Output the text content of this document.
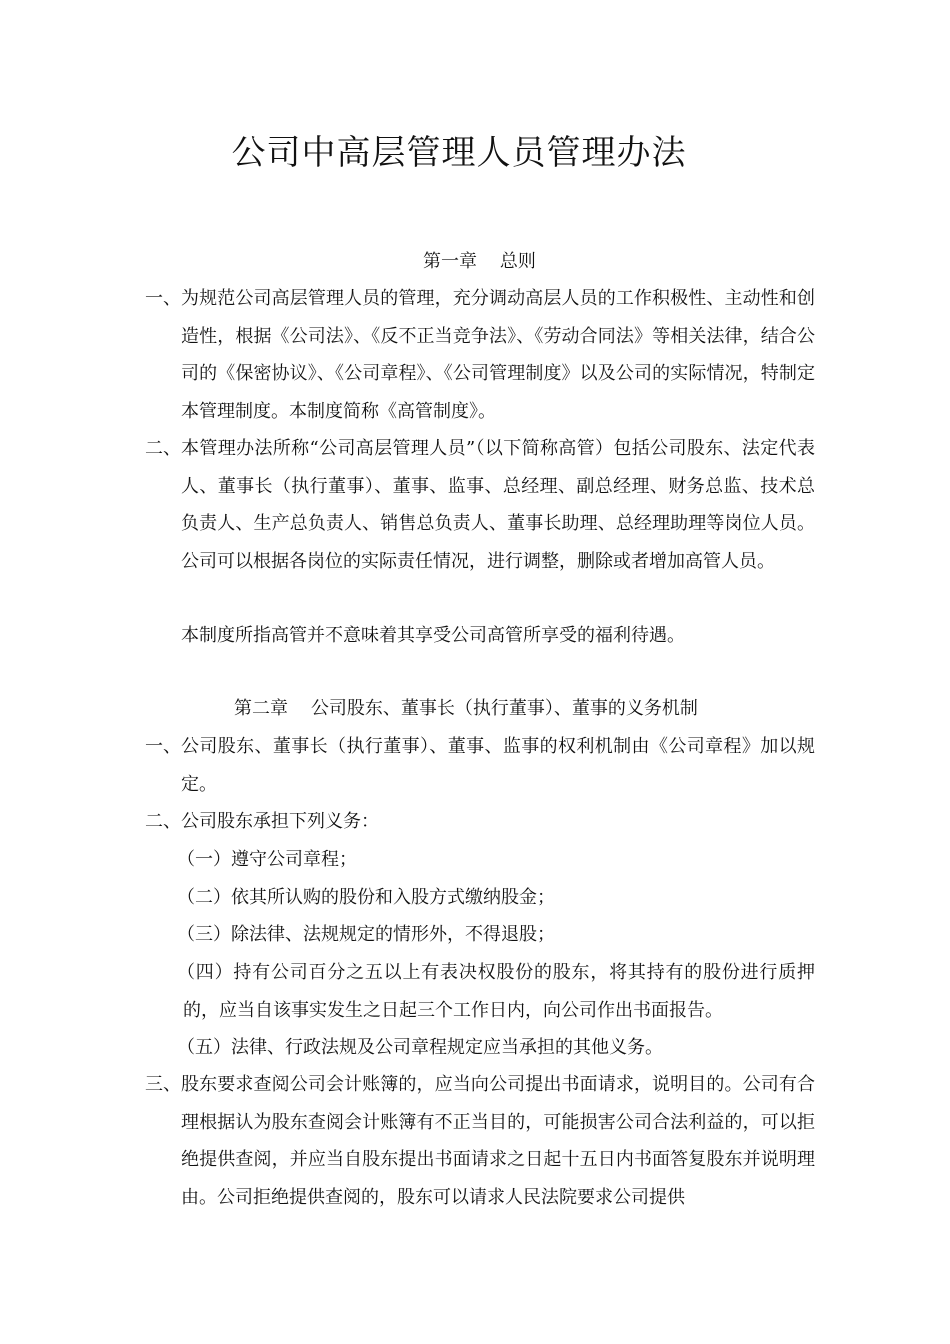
公司中高层管理人员管理办法
第一章    总则
一、 为规范公司高层管理人员的管理，充分调动高层人员的工作积极性、主动性和创造性，根据《公司法》、《反不正当竞争法》、《劳动合同法》等相关法律，结合公司的《保密协议》、《公司章程》、《公司管理制度》以及公司的实际情况，特制定本管理制度。本制度简称《高管制度》。
二、 本管理办法所称“公司高层管理人员”（以下简称高管）包括公司股东、法定代表人、董事长（执行董事）、董事、监事、总经理、副总经理、财务总监、技术总负责人、生产总负责人、销售总负责人、董事长助理、总经理助理等岗位人员。公司可以根据各岗位的实际责任情况，进行调整，删除或者增加高管人员。
本制度所指高管并不意味着其享受公司高管所享受的福利待遇。
第二章    公司股东、董事长（执行董事）、董事的义务机制
一、 公司股东、董事长（执行董事）、董事、监事的权利机制由《公司章程》加以规定。
二、 公司股东承担下列义务：
（一）遵守公司章程；
（二）依其所认购的股份和入股方式缴纳股金；
（三）除法律、法规规定的情形外，不得退股；
（四）持有公司百分之五以上有表决权股份的股东，将其持有的股份进行质押的，应当自该事实发生之日起三个工作日内，向公司作出书面报告。
（五）法律、行政法规及公司章程规定应当承担的其他义务。
三、 股东要求查阅公司会计账簿的，应当向公司提出书面请求，说明目的。公司有合理根据认为股东查阅会计账簿有不正当目的，可能损害公司合法利益的，可以拒绝提供查阅，并应当自股东提出书面请求之日起十五日内书面答复股东并说明理由。公司拒绝提供查阅的，股东可以请求人民法院要求公司提供
